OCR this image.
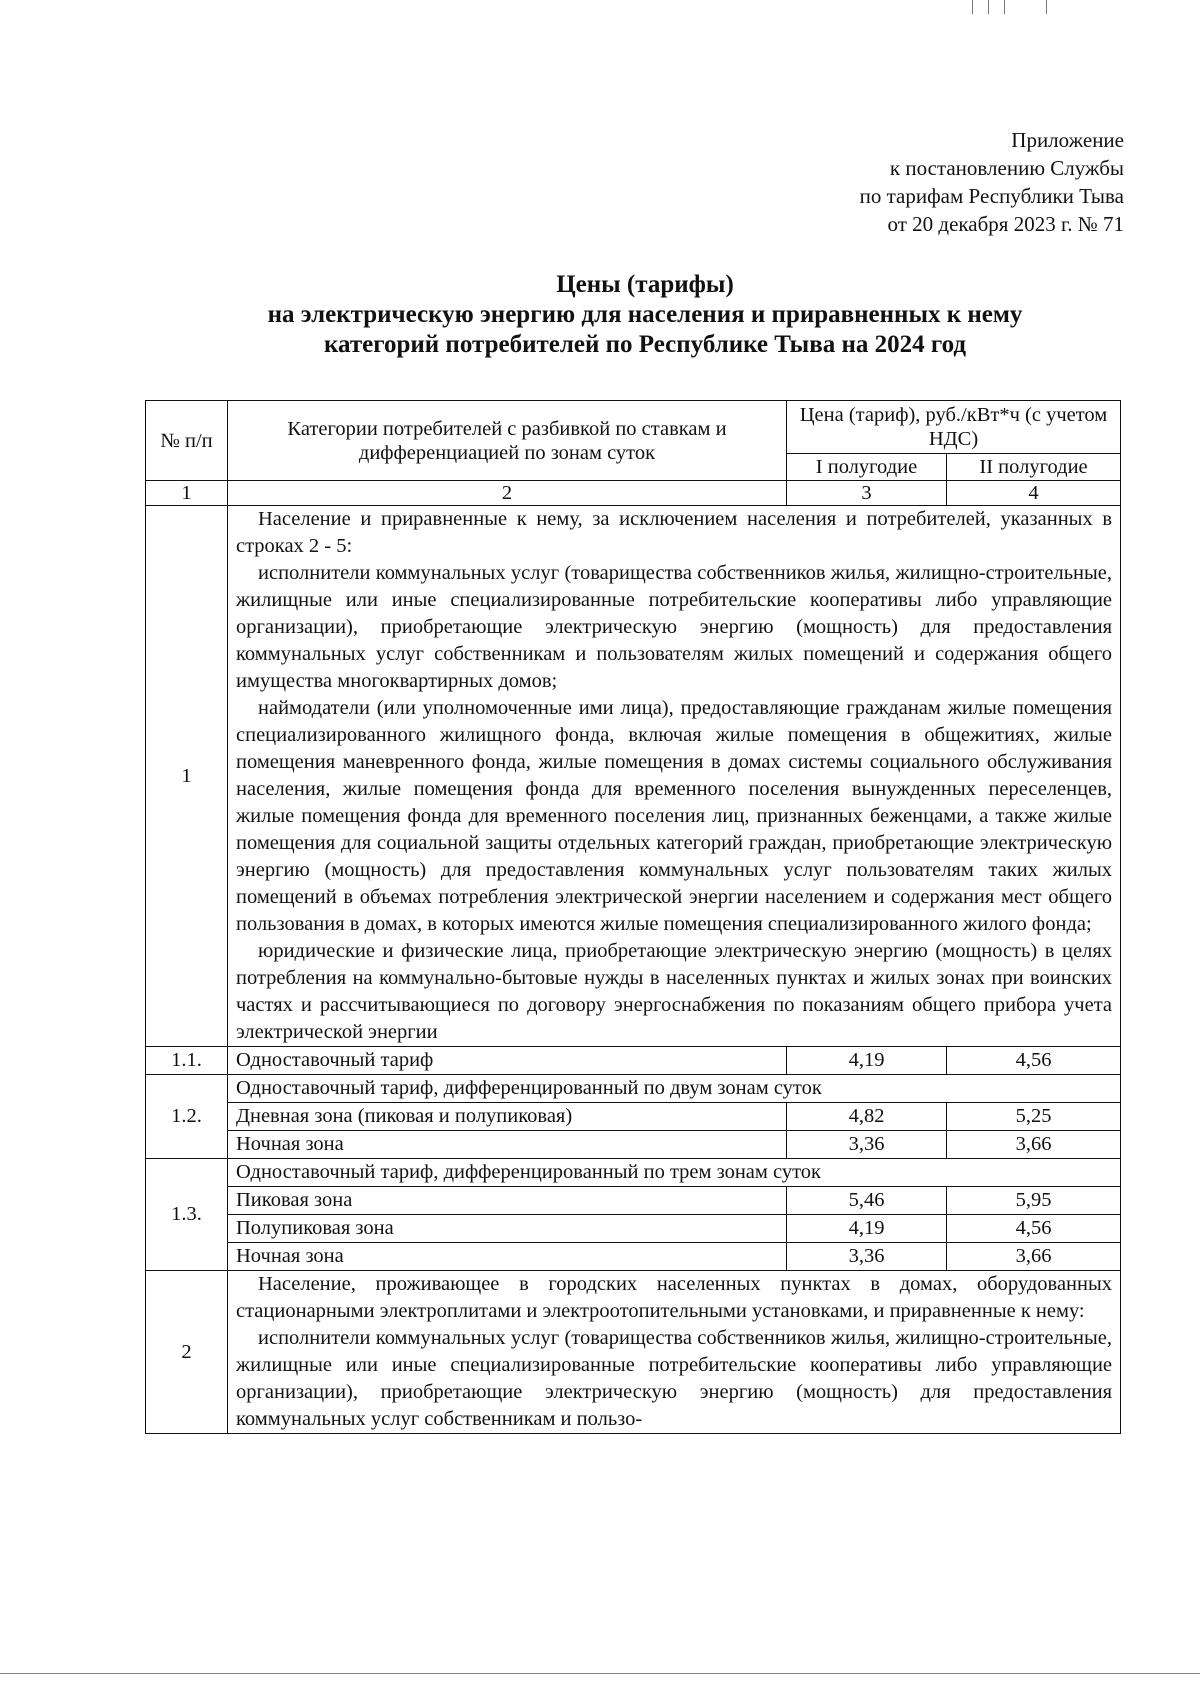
Приложение
к постановлению Службы
по тарифам Республики Тыва
от 20 декабря 2023 г. № 71
Цены (тарифы)
на электрическую энергию для населения и приравненных к нему
категорий потребителей по Республике Тыва на 2024 год
№ п/п	Категории потребителей с разбивкой по ставкам и дифференциацией по зонам суток	Цена (тариф), руб./кВт*ч (с учетом НДС)	
		I полугодие	II полугодие
1	2	3	4
1	Население и приравненные к нему, за исключением населения и потребителей, указанных в строках 2 - 5:

исполнители коммунальных услуг (товарищества собственников жилья, жилищно-строительные, жилищные или иные специализированные потребительские кооперативы либо управляющие организации), приобретающие электрическую энергию (мощность) для предоставления коммунальных услуг собственникам и пользователям жилых помещений и содержания общего имущества многоквартирных домов;

наймодатели (или уполномоченные ими лица), предоставляющие гражданам жилые помещения специализированного жилищного фонда, включая жилые помещения в общежитиях, жилые помещения маневренного фонда, жилые помещения в домах системы социального обслуживания населения, жилые помещения фонда для временного поселения вынужденных переселенцев, жилые помещения фонда для временного поселения лиц, признанных беженцами, а также жилые помещения для социальной защиты отдельных категорий граждан, приобретающие электрическую энергию (мощность) для предоставления коммунальных услуг пользователям таких жилых помещений в объемах потребления электрической энергии населением и содержания мест общего пользования в домах, в которых имеются жилые помещения специализированного жилого фонда;

юридические и физические лица, приобретающие электрическую энергию (мощность) в целях потребления на коммунально-бытовые нужды в населенных пунктах и жилых зонах при воинских частях и рассчитывающиеся по договору энергоснабжения по показаниям общего прибора учета электрической энергии		

1.1.	Одноставочный тариф	4,19	4,56
1.2.	Одноставочный тариф, дифференцированный по двум зонам суток		
	Дневная зона (пиковая и полупиковая)	4,82	5,25
	Ночная зона	3,36	3,66
1.3.	Одноставочный тариф, дифференцированный по трем зонам суток		
	Пиковая зона	5,46	5,95
	Полупиковая зона	4,19	4,56
	Ночная зона	3,36	3,66
2	Население, проживающее в городских населенных пунктах в домах, оборудованных стационарными электроплитами и электроотопительными установками, и приравненные к нему:

исполнители коммунальных услуг (товарищества собственников жилья, жилищно-строительные, жилищные или иные специализированные потребительские кооперативы либо управляющие организации), приобретающие электрическую энергию (мощность) для предоставления коммунальных услуг собственникам и пользо-		
